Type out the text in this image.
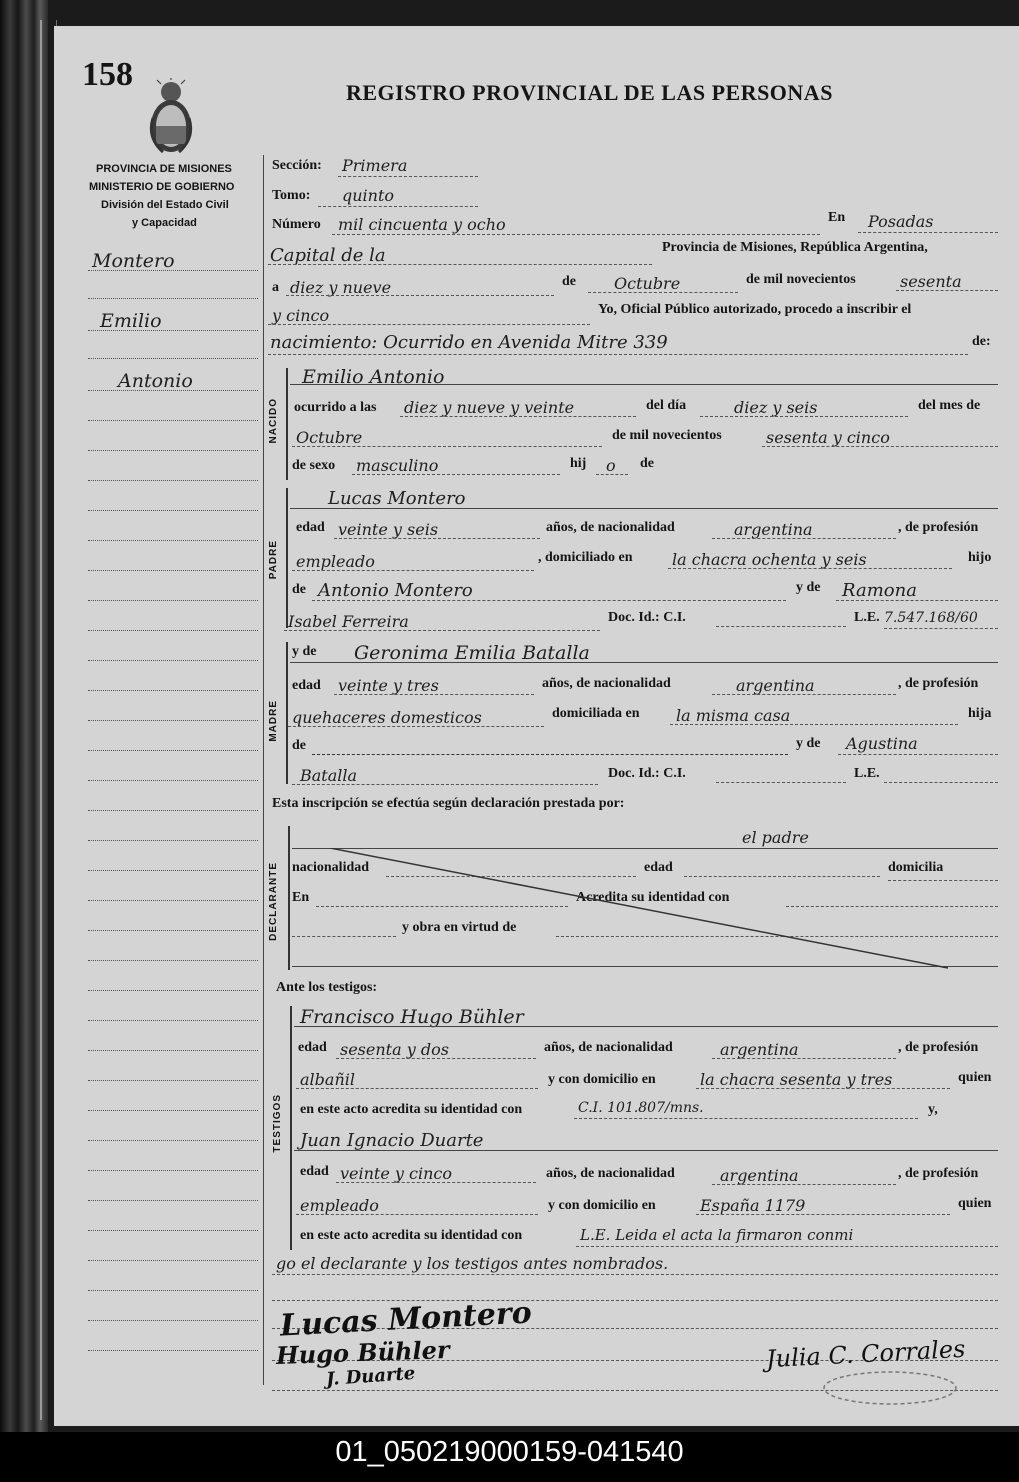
158	REGISTRO PROVINCIAL DE LAS PERSONAS
PROVINCIA DE MISIONES
MINISTERIO DE GOBIERNO
División del Estado Civil
y Capacidad
Montero
Emilio
Antonio
Sección: Primera
Tomo: quinto
Número mil cincuenta y ocho	En Posadas
Capital de la	Provincia de Misiones, República Argentina,
a diez y nueve	de Octubre	de mil novecientos	sesenta
y cinco	Yo, Oficial Público autorizado, procedo a inscribir el
nacimiento: Ocurrido en Avenida Mitre 339	de:
NACIDO
Emilio Antonio
ocurrido a las diez y nueve y veinte	del día	diez y seis	del mes de
Octubre	de mil novecientos	sesenta y cinco
de sexo masculino	hij o de
PADRE
Lucas Montero
edad veinte y seis	años, de nacionalidad	argentina	, de profesión
empleado	, domiciliado en la chacra ochenta y seis	hijo
de Antonio Montero	y de Ramona
Isabel Ferreira	Doc. Id.: C.I.	L.E. 7.547.168/60
MADRE
y de Geronima Emilia Batalla
edad veinte y tres	años, de nacionalidad	argentina	, de profesión
quehaceres domesticos	domiciliada en la misma casa	hija
de	y de Agustina
Batalla	Doc. Id.: C.I.	L.E.
Esta inscripción se efectúa según declaración prestada por:
DECLARANTE
el padre
nacionalidad	edad	domicilia
En	Acredita su identidad con
y obra en virtud de
Ante los testigos:
TESTIGOS
Francisco Hugo Bühler
edad sesenta y dos	años, de nacionalidad	argentina	, de profesión
albañil	y con domicilio en	la chacra sesenta y tres	quien
en este acto acredita su identidad con	C.I. 101.807/mns.	y,
Juan Ignacio Duarte
edad veinte y cinco	años, de nacionalidad	argentina	, de profesión
empleado	y con domicilio en	España 1179	quien
en este acto acredita su identidad con	L.E. Leida el acta la firmaron conmi
go el declarante y los testigos antes nombrados.
Lucas Montero
Hugo Bühler
J. Duarte
Julia C. Corrales
01_050219000159-041540
